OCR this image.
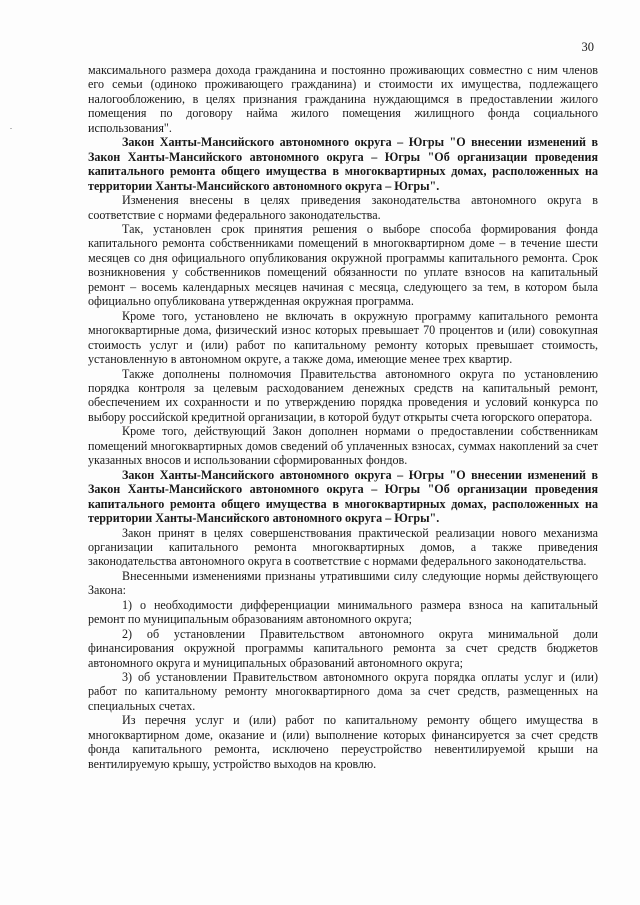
30

максимального размера дохода гражданина и постоянно проживающих совместно с ним членов его семьи (одиноко проживающего гражданина) и стоимости их имущества, подлежащего налогообложению, в целях признания гражданина нуждающимся в предоставлении жилого помещения по договору найма жилого помещения жилищного фонда социального использования".

Закон Ханты-Мансийского автономного округа – Югры "О внесении изменений в Закон Ханты-Мансийского автономного округа – Югры "Об организации проведения капитального ремонта общего имущества в многоквартирных домах, расположенных на территории Ханты-Мансийского автономного округа – Югры".

Изменения внесены в целях приведения законодательства автономного округа в соответствие с нормами федерального законодательства.

Так, установлен срок принятия решения о выборе способа формирования фонда капитального ремонта собственниками помещений в многоквартирном доме – в течение шести месяцев со дня официального опубликования окружной программы капитального ремонта. Срок возникновения у собственников помещений обязанности по уплате взносов на капитальный ремонт – восемь календарных месяцев начиная с месяца, следующего за тем, в котором была официально опубликована утвержденная окружная программа.

Кроме того, установлено не включать в окружную программу капитального ремонта многоквартирные дома, физический износ которых превышает 70 процентов и (или) совокупная стоимость услуг и (или) работ по капитальному ремонту которых превышает стоимость, установленную в автономном округе, а также дома, имеющие менее трех квартир.

Также дополнены полномочия Правительства автономного округа по установлению порядка контроля за целевым расходованием денежных средств на капитальный ремонт, обеспечением их сохранности и по утверждению порядка проведения и условий конкурса по выбору российской кредитной организации, в которой будут открыты счета югорского оператора.

Кроме того, действующий Закон дополнен нормами о предоставлении собственникам помещений многоквартирных домов сведений об уплаченных взносах, суммах накоплений за счет указанных вносов и использовании сформированных фондов.

Закон Ханты-Мансийского автономного округа – Югры "О внесении изменений в Закон Ханты-Мансийского автономного округа – Югры "Об организации проведения капитального ремонта общего имущества в многоквартирных домах, расположенных на территории Ханты-Мансийского автономного округа – Югры".

Закон принят в целях совершенствования практической реализации нового механизма организации капитального ремонта многоквартирных домов, а также приведения законодательства автономного округа в соответствие с нормами федерального законодательства.

Внесенными изменениями признаны утратившими силу следующие нормы действующего Закона:

1) о необходимости дифференциации минимального размера взноса на капитальный ремонт по муниципальным образованиям автономного округа;

2) об установлении Правительством автономного округа минимальной доли финансирования окружной программы капитального ремонта за счет средств бюджетов автономного округа и муниципальных образований автономного округа;

3) об установлении Правительством автономного округа порядка оплаты услуг и (или) работ по капитальному ремонту многоквартирного дома за счет средств, размещенных на специальных счетах.

Из перечня услуг и (или) работ по капитальному ремонту общего имущества в многоквартирном доме, оказание и (или) выполнение которых финансируется за счет средств фонда капитального ремонта, исключено переустройство невентилируемой крыши на вентилируемую крышу, устройство выходов на кровлю.
